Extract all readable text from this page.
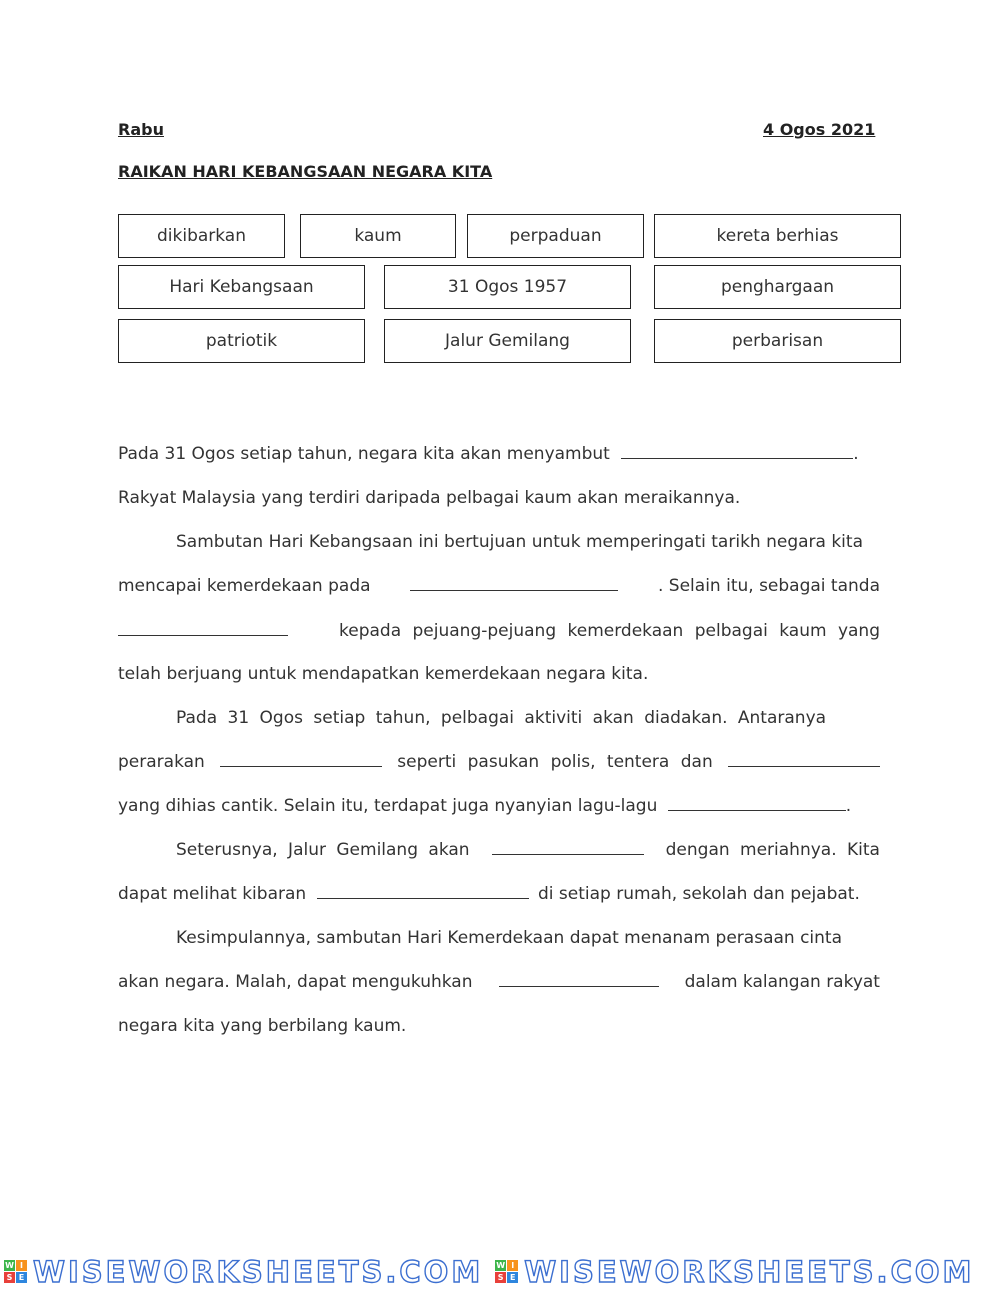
Rabu	4 Ogos 2021
RAIKAN HARI KEBANGSAAN NEGARA KITA
dikibarkan	kaum	perpaduan	kereta berhias
Hari Kebangsaan	31 Ogos 1957	penghargaan
patriotik	Jalur Gemilang	perbarisan
Pada 31 Ogos setiap tahun, negara kita akan menyambut	.
Rakyat Malaysia yang terdiri daripada pelbagai kaum akan meraikannya.
Sambutan Hari Kebangsaan ini bertujuan untuk memperingati tarikh negara kita
mencapai kemerdekaan pada	. Selain itu, sebagai tanda
kepada pejuang-pejuang kemerdekaan pelbagai kaum yang
telah berjuang untuk mendapatkan kemerdekaan negara kita.
Pada 31 Ogos setiap tahun, pelbagai aktiviti akan diadakan. Antaranya
perarakan	seperti pasukan polis, tentera dan
yang dihias cantik. Selain itu, terdapat juga nyanyian lagu-lagu	.
Seterusnya, Jalur Gemilang akan	dengan meriahnya. Kita
dapat melihat kibaran	di setiap rumah, sekolah dan pejabat.
Kesimpulannya, sambutan Hari Kemerdekaan dapat menanam perasaan cinta
akan negara. Malah, dapat mengukuhkan	dalam kalangan rakyat
negara kita yang berbilang kaum.
W I
S E WISEWORKSHEETS.COM W I
S E WISEWORKSHEETS.COM
